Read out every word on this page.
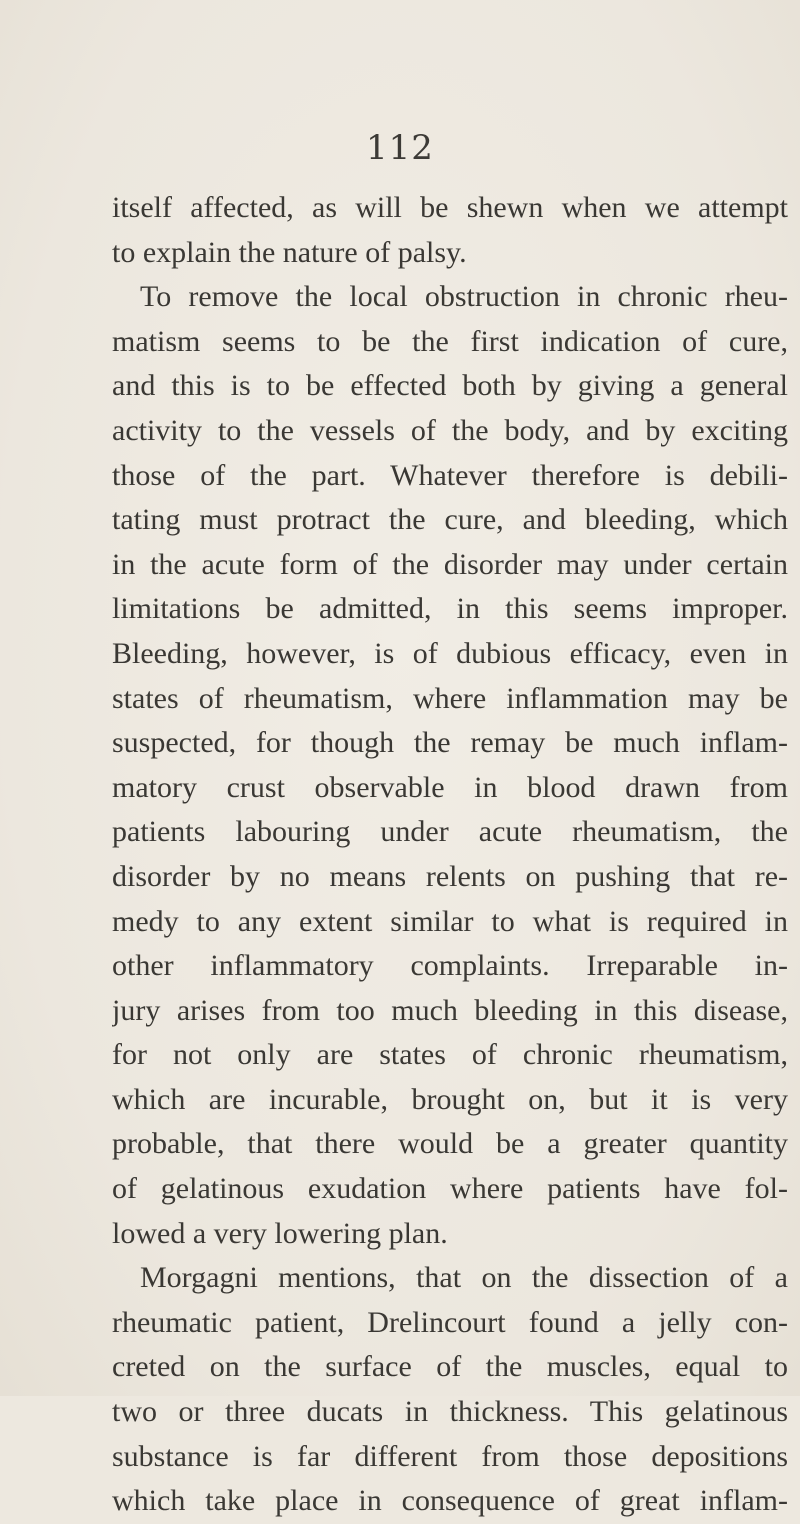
112
itself affected, as will be shewn when we attempt
to explain the nature of palsy.
To remove the local obstruction in chronic rheu-
matism seems to be the first indication of cure,
and this is to be effected both by giving a general
activity to the vessels of the body, and by exciting
those of the part. Whatever therefore is debili-
tating must protract the cure, and bleeding, which
in the acute form of the disorder may under certain
limitations be admitted, in this seems improper.
Bleeding, however, is of dubious efficacy, even in
states of rheumatism, where inflammation may be
suspected, for though the remay be much inflam-
matory crust observable in blood drawn from
patients labouring under acute rheumatism, the
disorder by no means relents on pushing that re-
medy to any extent similar to what is required in
other inflammatory complaints. Irreparable in-
jury arises from too much bleeding in this disease,
for not only are states of chronic rheumatism,
which are incurable, brought on, but it is very
probable, that there would be a greater quantity
of gelatinous exudation where patients have fol-
lowed a very lowering plan.
Morgagni mentions, that on the dissection of a
rheumatic patient, Drelincourt found a jelly con-
creted on the surface of the muscles, equal to
two or three ducats in thickness. This gelatinous
substance is far different from those depositions
which take place in consequence of great inflam-
